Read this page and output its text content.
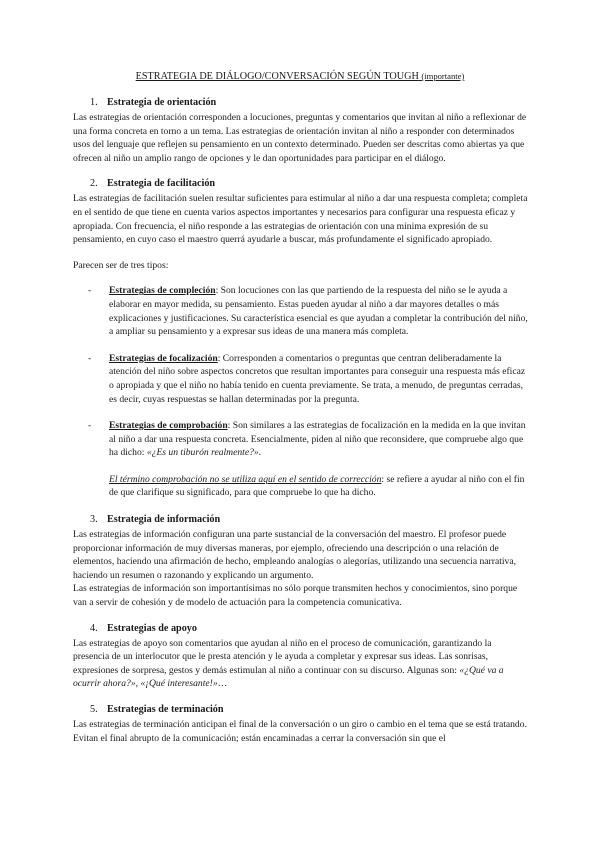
ESTRATEGIA DE DIÁLOGO/CONVERSACIÓN SEGÚN TOUGH (importante)
1. Estrategia de orientación

Las estrategias de orientación corresponden a locuciones, preguntas y comentarios que invitan al niño a reflexionar de una forma concreta en torno a un tema. Las estrategias de orientación invitan al niño a responder con determinados usos del lenguaje que reflejen su pensamiento en un contexto determinado. Pueden ser descritas como abiertas ya que ofrecen al niño un amplio rango de opciones y le dan oportunidades para participar en el diálogo.

2. Estrategia de facilitación

Las estrategias de facilitación suelen resultar suficientes para estimular al niño a dar una respuesta completa; completa en el sentido de que tiene en cuenta varios aspectos importantes y necesarios para configurar una respuesta eficaz y apropiada. Con frecuencia, el niño responde a las estrategias de orientación con una mínima expresión de su pensamiento, en cuyo caso el maestro querrá ayudarle a buscar, más profundamente el significado apropiado.

Parecen ser de tres tipos:

- Estrategias de compleción: Son locuciones con las que partiendo de la respuesta del niño se le ayuda a elaborar en mayor medida, su pensamiento. Estas pueden ayudar al niño a dar mayores detalles o más explicaciones y justificaciones. Su característica esencial es que ayudan a completar la contribución del niño, a ampliar su pensamiento y a expresar sus ideas de una manera más completa.
- Estrategias de focalización: Corresponden a comentarios o preguntas que centran deliberadamente la atención del niño sobre aspectos concretos que resultan importantes para conseguir una respuesta más eficaz o apropiada y que el niño no había tenido en cuenta previamente. Se trata, a menudo, de preguntas cerradas, es decir, cuyas respuestas se hallan determinadas por la pregunta.
- Estrategias de comprobación: Son similares a las estrategias de focalización en la medida en la que invitan al niño a dar una respuesta concreta. Esencialmente, piden al niño que reconsidere, que compruebe algo que ha dicho: «¿Es un tiburón realmente?».
El término comprobación no se utiliza aquí en el sentido de corrección: se refiere a ayudar al niño con el fin de que clarifique su significado, para que compruebe lo que ha dicho.
3. Estrategia de información

Las estrategias de información configuran una parte sustancial de la conversación del maestro. El profesor puede proporcionar información de muy diversas maneras, por ejemplo, ofreciendo una descripción o una relación de elementos, haciendo una afirmación de hecho, empleando analogías o alegorías, utilizando una secuencia narrativa, haciendo un resumen o razonando y explicando un argumento.

Las estrategias de información son importantísimas no sólo porque transmiten hechos y conocimientos, sino porque van a servir de cohesión y de modelo de actuación para la competencia comunicativa.

4. Estrategias de apoyo

Las estrategias de apoyo son comentarios que ayudan al niño en el proceso de comunicación, garantizando la presencia de un interlocutor que le presta atención y le ayuda a completar y expresar sus ideas. Las sonrisas, expresiones de sorpresa, gestos y demás estimulan al niño a continuar con su discurso. Algunas son: «¿Qué va a ocurrir ahora?», «¡Qué interesante!»…

5. Estrategias de terminación

Las estrategias de terminación anticipan el final de la conversación o un giro o cambio en el tema que se está tratando. Evitan el final abrupto de la comunicación; están encaminadas a cerrar la conversación sin que el
